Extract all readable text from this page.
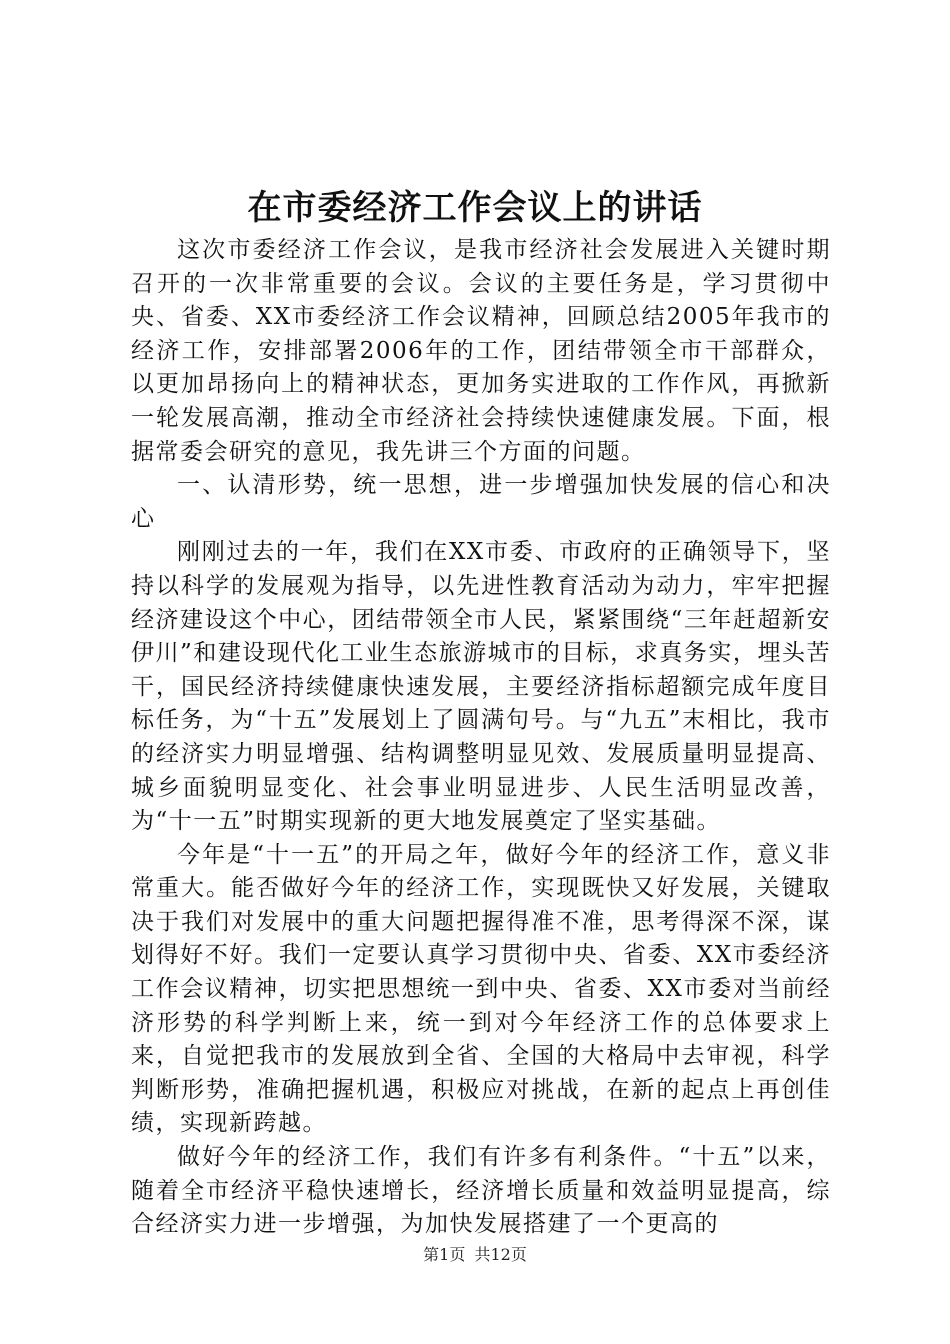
在市委经济工作会议上的讲话

这次市委经济工作会议，是我市经济社会发展进入关键时期召开的一次非常重要的会议。会议的主要任务是，学习贯彻中央、省委、XX市委经济工作会议精神，回顾总结2005年我市的经济工作，安排部署2006年的工作，团结带领全市干部群众，以更加昂扬向上的精神状态，更加务实进取的工作作风，再掀新一轮发展高潮，推动全市经济社会持续快速健康发展。下面，根据常委会研究的意见，我先讲三个方面的问题。

一、认清形势，统一思想，进一步增强加快发展的信心和决心

刚刚过去的一年，我们在XX市委、市政府的正确领导下，坚持以科学的发展观为指导，以先进性教育活动为动力，牢牢把握经济建设这个中心，团结带领全市人民，紧紧围绕“三年赶超新安伊川”和建设现代化工业生态旅游城市的目标，求真务实，埋头苦干，国民经济持续健康快速发展，主要经济指标超额完成年度目标任务，为“十五”发展划上了圆满句号。与“九五”末相比，我市的经济实力明显增强、结构调整明显见效、发展质量明显提高、城乡面貌明显变化、社会事业明显进步、人民生活明显改善，为“十一五”时期实现新的更大地发展奠定了坚实基础。

今年是“十一五”的开局之年，做好今年的经济工作，意义非常重大。能否做好今年的经济工作，实现既快又好发展，关键取决于我们对发展中的重大问题把握得准不准，思考得深不深，谋划得好不好。我们一定要认真学习贯彻中央、省委、XX市委经济工作会议精神，切实把思想统一到中央、省委、XX市委对当前经济形势的科学判断上来，统一到对今年经济工作的总体要求上来，自觉把我市的发展放到全省、全国的大格局中去审视，科学判断形势，准确把握机遇，积极应对挑战，在新的起点上再创佳绩，实现新跨越。

做好今年的经济工作，我们有许多有利条件。“十五”以来，随着全市经济平稳快速增长，经济增长质量和效益明显提高，综合经济实力进一步增强，为加快发展搭建了一个更高的

第1页 共12页
